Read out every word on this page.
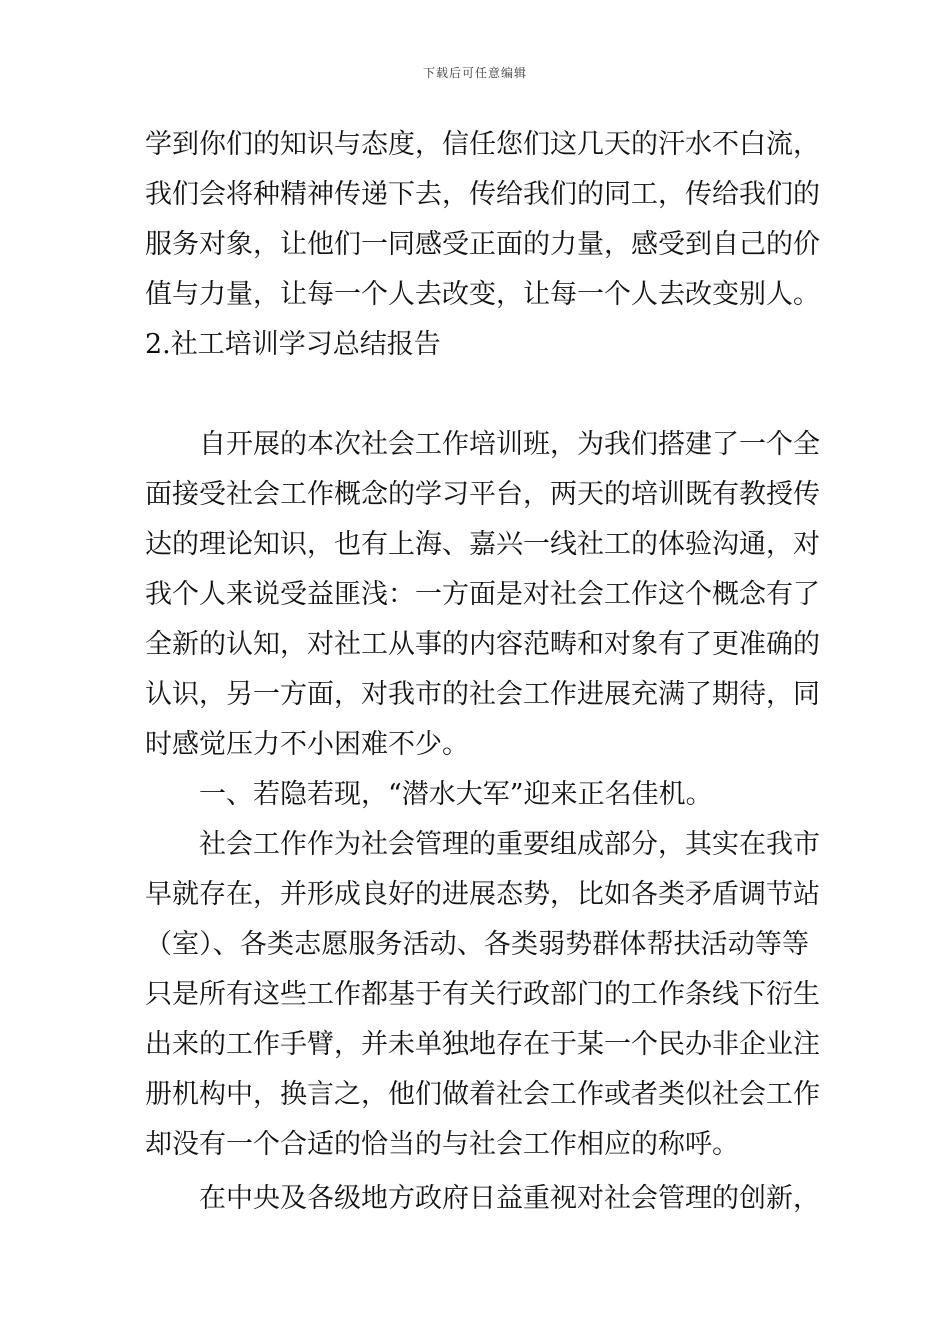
下载后可任意编辑

学到你们的知识与态度，信任您们这几天的汗水不白流，

我们会将种精神传递下去，传给我们的同工，传给我们的

服务对象，让他们一同感受正面的力量，感受到自己的价

值与力量，让每一个人去改变，让每一个人去改变别人。

2.社工培训学习总结报告

自开展的本次社会工作培训班，为我们搭建了一个全

面接受社会工作概念的学习平台，两天的培训既有教授传

达的理论知识，也有上海、嘉兴一线社工的体验沟通，对

我个人来说受益匪浅：一方面是对社会工作这个概念有了

全新的认知，对社工从事的内容范畴和对象有了更准确的

认识，另一方面，对我市的社会工作进展充满了期待，同

时感觉压力不小困难不少。

一、若隐若现，“潜水大军”迎来正名佳机。

社会工作作为社会管理的重要组成部分，其实在我市

早就存在，并形成良好的进展态势，比如各类矛盾调节站

（室）、各类志愿服务活动、各类弱势群体帮扶活动等等

只是所有这些工作都基于有关行政部门的工作条线下衍生

出来的工作手臂，并未单独地存在于某一个民办非企业注

册机构中，换言之，他们做着社会工作或者类似社会工作

却没有一个合适的恰当的与社会工作相应的称呼。

在中央及各级地方政府日益重视对社会管理的创新，
